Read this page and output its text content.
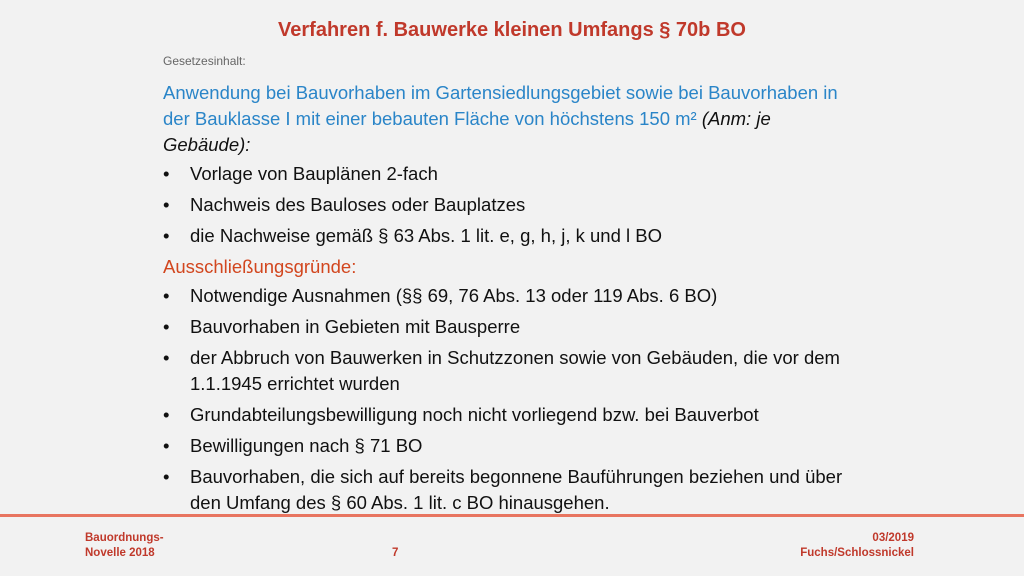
Verfahren f. Bauwerke kleinen Umfangs § 70b BO
Gesetzesinhalt:

Anwendung bei Bauvorhaben im Gartensiedlungsgebiet sowie bei Bauvorhaben in der Bauklasse I mit einer bebauten Fläche von höchstens 150 m² (Anm: je Gebäude):

• Vorlage von Bauplänen 2-fach
• Nachweis des Bauloses oder Bauplatzes
• die Nachweise gemäß § 63 Abs. 1 lit. e, g, h, j, k und l BO

Ausschließungsgründe:

• Notwendige Ausnahmen (§§ 69, 76 Abs. 13 oder 119 Abs. 6 BO)
• Bauvorhaben in Gebieten mit Bausperre
• der Abbruch von Bauwerken in Schutzzonen sowie von Gebäuden, die vor dem 1.1.1945 errichtet wurden
• Grundabteilungsbewilligung noch nicht vorliegend bzw. bei Bauverbot
• Bewilligungen nach § 71 BO
• Bauvorhaben, die sich auf bereits begonnene Bauführungen beziehen und über den Umfang des § 60 Abs. 1 lit. c BO hinausgehen.
Bauordnungs-
Novelle 2018	7
03/2019
Fuchs/Schlossnickel
